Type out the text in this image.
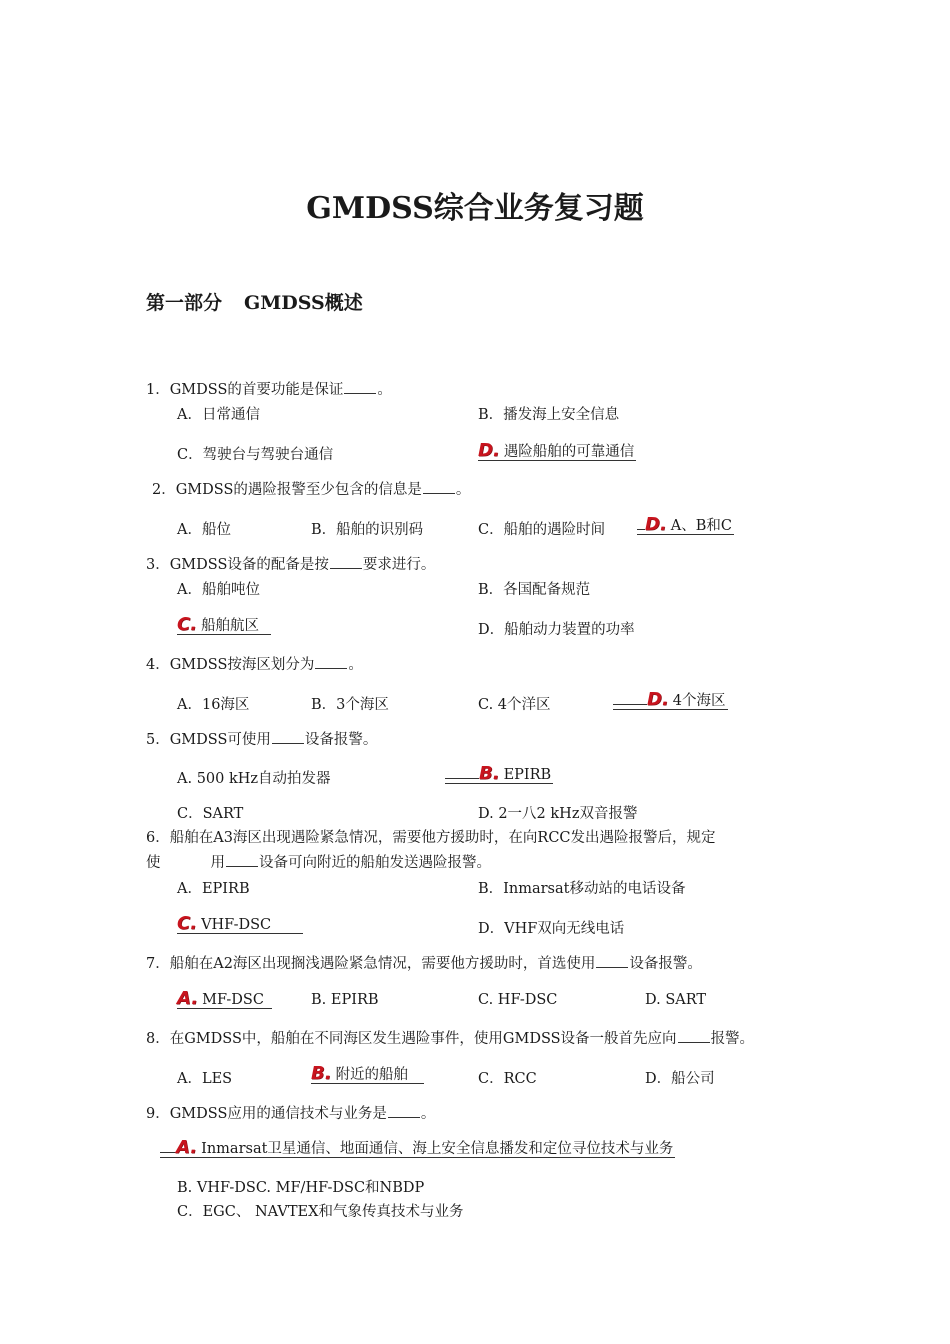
GMDSS综合业务复习题
第一部分 GMDSS概述
1．GMDSS的首要功能是保证 。
A．日常通信	B．播发海上安全信息
C．驾驶台与驾驶台通信	D. 遇险船舶的可靠通信
2．GMDSS的遇险报警至少包含的信息是 。
A．船位	B．船舶的识别码	C．船舶的遇险时间	D. A、B和C
3．GMDSS设备的配备是按 要求进行。
A．船舶吨位	B．各国配备规范
C. 船舶航区	D．船舶动力装置的功率
4．GMDSS按海区划分为 。
A．16海区	B．3个海区	C. 4个洋区	D. 4个海区
5．GMDSS可使用 设备报警。
A. 500 kHz自动拍发器	B. EPIRB
C．SART	D. 2一八2 kHz双音报警
6．船舶在A3海区出现遇险紧急情况，需要他方援助时，在向RCC发出遇险报警后，规定
使	用 设备可向附近的船舶发送遇险报警。
A．EPIRB	B．Inmarsat移动站的电话设备
C. VHF-DSC	D．VHF双向无线电话
7．船舶在A2海区出现搁浅遇险紧急情况，需要他方援助时，首选使用 设备报警。
A. MF-DSC	B. EPIRB	C. HF-DSC	D. SART
8．在GMDSS中，船舶在不同海区发生遇险事件，使用GMDSS设备一般首先应向 报警。
A．LES	B. 附近的船舶	C．RCC	D．船公司
9．GMDSS应用的通信技术与业务是 。
A. Inmarsat卫星通信、地面通信、海上安全信息播发和定位寻位技术与业务
B. VHF-DSC. MF/HF-DSC和NBDP
C．EGC、 NAVTEX和气象传真技术与业务
